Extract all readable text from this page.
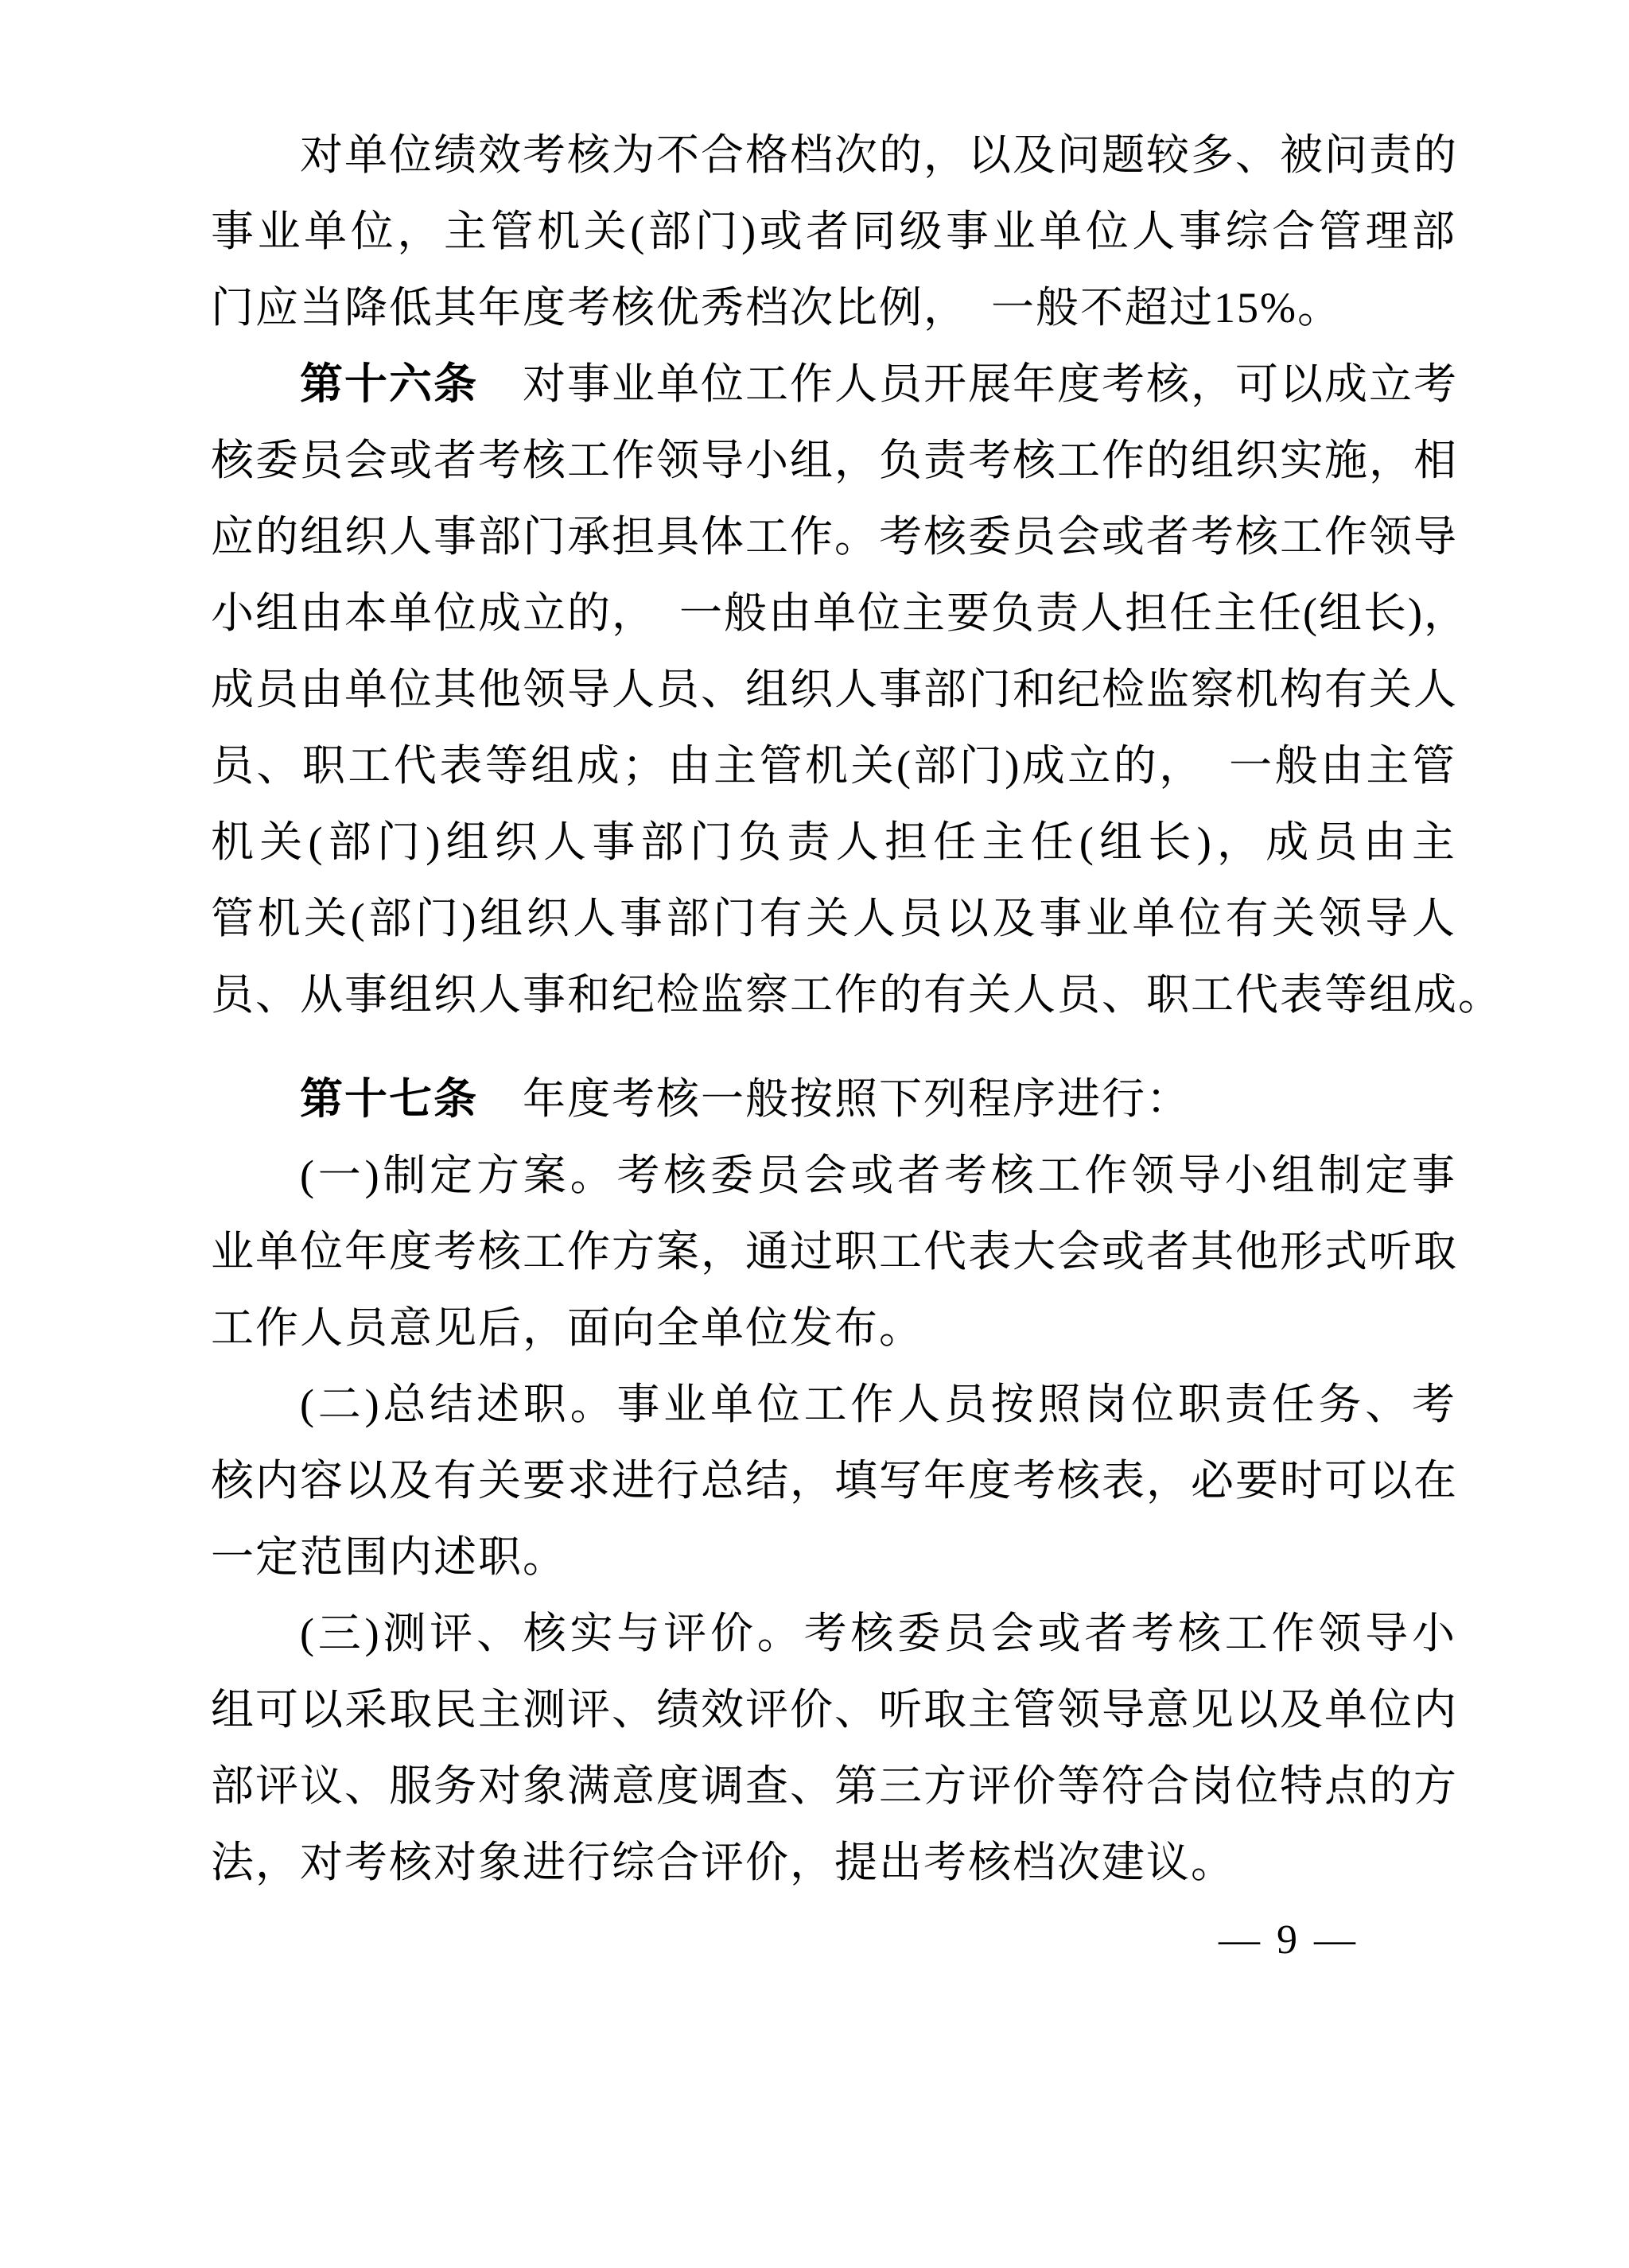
对单位绩效考核为不合格档次的，以及问题较多、被问责的
事业单位，主管机关(部门)或者同级事业单位人事综合管理部
门应当降低其年度考核优秀档次比例，　一般不超过15%。
第十六条　对事业单位工作人员开展年度考核，可以成立考
核委员会或者考核工作领导小组，负责考核工作的组织实施，相
应的组织人事部门承担具体工作。考核委员会或者考核工作领导
小组由本单位成立的，　一般由单位主要负责人担任主任(组长)，
成员由单位其他领导人员、组织人事部门和纪检监察机构有关人
员、职工代表等组成；由主管机关(部门)成立的，　一般由主管
机关(部门)组织人事部门负责人担任主任(组长)，成员由主
管机关(部门)组织人事部门有关人员以及事业单位有关领导人
员、从事组织人事和纪检监察工作的有关人员、职工代表等组成。
第十七条　年度考核一般按照下列程序进行：
(一)制定方案。考核委员会或者考核工作领导小组制定事
业单位年度考核工作方案，通过职工代表大会或者其他形式听取
工作人员意见后，面向全单位发布。
(二)总结述职。事业单位工作人员按照岗位职责任务、考
核内容以及有关要求进行总结，填写年度考核表，必要时可以在
一定范围内述职。
(三)测评、核实与评价。考核委员会或者考核工作领导小
组可以采取民主测评、绩效评价、听取主管领导意见以及单位内
部评议、服务对象满意度调查、第三方评价等符合岗位特点的方
法，对考核对象进行综合评价，提出考核档次建议。
— 9 —
